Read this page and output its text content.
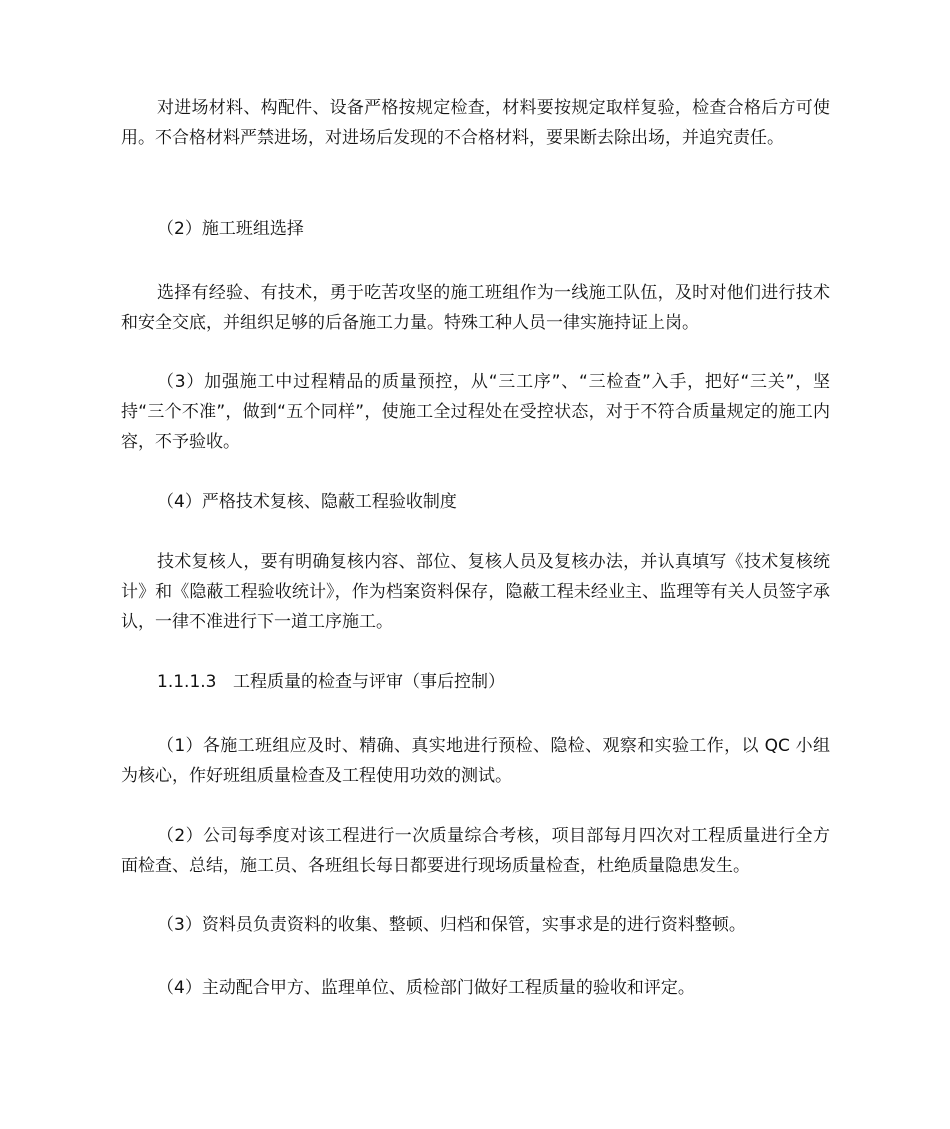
对进场材料、构配件、设备严格按规定检查，材料要按规定取样复验，检查合格后方可使用。不合格材料严禁进场，对进场后发现的不合格材料，要果断去除出场，并追究责任。

（2）施工班组选择

选择有经验、有技术，勇于吃苦攻坚的施工班组作为一线施工队伍，及时对他们进行技术和安全交底，并组织足够的后备施工力量。特殊工种人员一律实施持证上岗。

（3）加强施工中过程精品的质量预控，从“三工序”、“三检查”入手，把好“三关”，坚持“三个不准”，做到“五个同样”，使施工全过程处在受控状态，对于不符合质量规定的施工内容，不予验收。

（4）严格技术复核、隐蔽工程验收制度

技术复核人，要有明确复核内容、部位、复核人员及复核办法，并认真填写《技术复核统计》和《隐蔽工程验收统计》，作为档案资料保存，隐蔽工程未经业主、监理等有关人员签字承认，一律不准进行下一道工序施工。

1.1.1.3 工程质量的检查与评审（事后控制）

（1）各施工班组应及时、精确、真实地进行预检、隐检、观察和实验工作，以 QC 小组为核心，作好班组质量检查及工程使用功效的测试。

（2）公司每季度对该工程进行一次质量综合考核，项目部每月四次对工程质量进行全方面检查、总结，施工员、各班组长每日都要进行现场质量检查，杜绝质量隐患发生。

（3）资料员负责资料的收集、整顿、归档和保管，实事求是的进行资料整顿。

（4）主动配合甲方、监理单位、质检部门做好工程质量的验收和评定。
